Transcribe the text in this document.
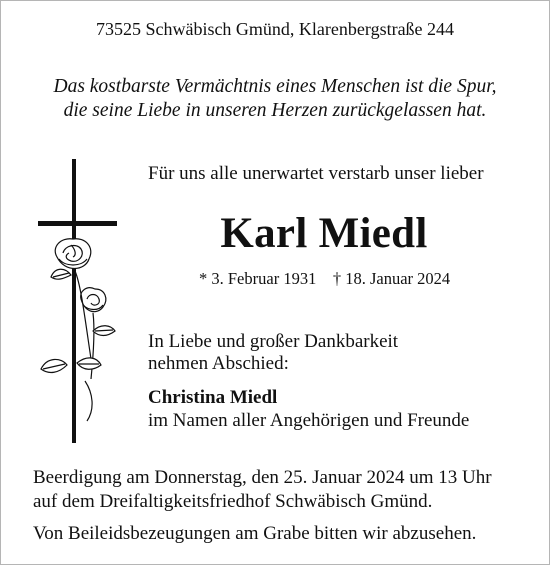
73525 Schwäbisch Gmünd, Klarenbergstraße 244
Das kostbarste Vermächtnis eines Menschen ist die Spur,
die seine Liebe in unseren Herzen zurückgelassen hat.
Für uns alle unerwartet verstarb unser lieber
Karl Miedl
* 3. Februar 1931 † 18. Januar 2024
In Liebe und großer Dankbarkeit
nehmen Abschied:
Christina Miedl
im Namen aller Angehörigen und Freunde
Beerdigung am Donnerstag, den 25. Januar 2024 um 13 Uhr
auf dem Dreifaltigkeitsfriedhof Schwäbisch Gmünd.
Von Beileidsbezeugungen am Grabe bitten wir abzusehen.
